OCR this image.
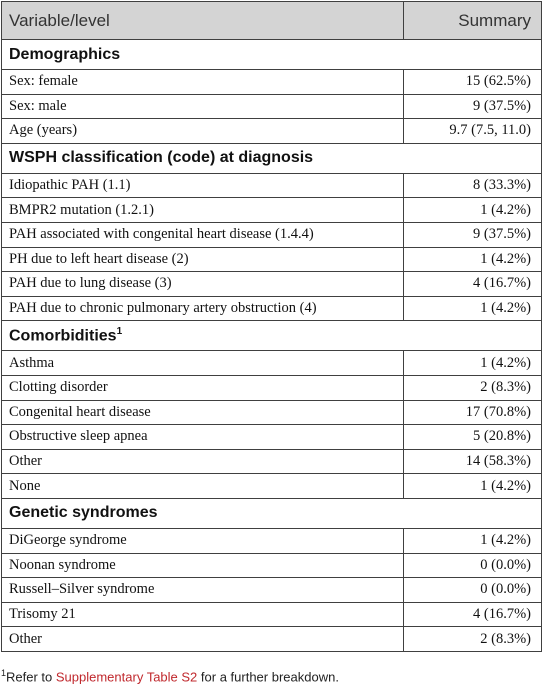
Variable/level	Summary
Demographics	
Sex: female	15 (62.5%)
Sex: male	9 (37.5%)
Age (years)	9.7 (7.5, 11.0)
WSPH classification (code) at diagnosis	
Idiopathic PAH (1.1)	8 (33.3%)
BMPR2 mutation (1.2.1)	1 (4.2%)
PAH associated with congenital heart disease (1.4.4)	9 (37.5%)
PH due to left heart disease (2)	1 (4.2%)
PAH due to lung disease (3)	4 (16.7%)
PAH due to chronic pulmonary artery obstruction (4)	1 (4.2%)
Comorbidities$^1$
Asthma	1 (4.2%)
Clotting disorder	2 (8.3%)
Congenital heart disease	17 (70.8%)
Obstructive sleep apnea	5 (20.8%)
Other	14 (58.3%)
None	1 (4.2%)
Genetic syndromes	
DiGeorge syndrome	1 (4.2%)
Noonan syndrome	0 (0.0%)
Russell–Silver syndrome	0 (0.0%)
Trisomy 21	4 (16.7%)
Other	2 (8.3%)
$^1$Refer to Supplementary Table S2 for a further breakdown.
